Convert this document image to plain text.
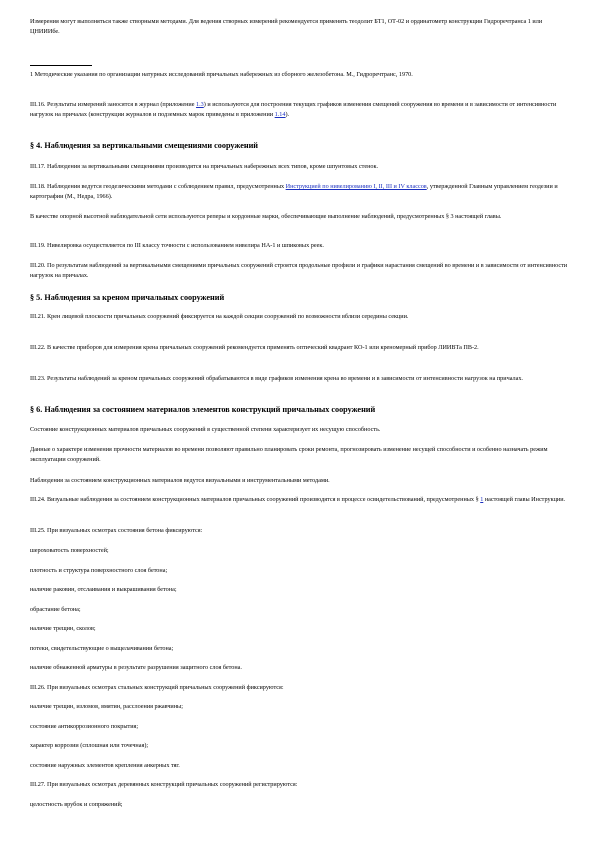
Измерения могут выполняться также створными методами. Для ведения створных измерений рекомендуется применять теодолит БТ1, ОТ-02 и ординатометр конструкции Гидроречтранса 1 или ЦНИИИбе.

1 Методические указания по организации натурных исследований причальных набережных из сборного железобетона. М., Гидроречтранс, 1970.

III.16. Результаты измерений заносятся в журнал (приложение 1.3) и используются для построения текущих графиков изменения смещений сооружения во времени и в зависимости от интенсивности нагрузок на причалах (конструкции журналов и подземных марок приведены в приложении 1.14).

§ 4. Наблюдения за вертикальными смещениями сооружений

III.17. Наблюдения за вертикальными смещениями производятся на причальных набережных всех типов, кроме шпунтовых стенок.

III.18. Наблюдения ведутся геодезическими методами с соблюдением правил, предусмотренных Инструкцией по нивелированию I, II, III и IV классов, утвержденной Главным управлением геодезии и картографии (М., Недра, 1966).

В качестве опорной высотной наблюдательной сети используются реперы и кордонные марки, обеспечивающие выполнение наблюдений, предусмотренных § 3 настоящей главы.

III.19. Нивелировка осуществляется по III классу точности с использованием нивелира НА-1 и шпиковых реек.

III.20. По результатам наблюдений за вертикальными смещениями причальных сооружений строятся продольные профили и графики нарастания смещений во времени и в зависимости от интенсивности нагрузок на причалах.

§ 5. Наблюдения за креном причальных сооружений

III.21. Крен лицевой плоскости причальных сооружений фиксируется на каждой секции сооружений по возможности вблизи середины секции.

III.22. В качестве приборов для измерения крена причальных сооружений рекомендуется применять оптический квадрант КО-1 или креномерный прибор ЛИИВТа ПВ-2.

III.23. Результаты наблюдений за креном причальных сооружений обрабатываются в виде графиков изменения крена во времени и в зависимости от интенсивности нагрузок на причалах.

§ 6. Наблюдения за состоянием материалов элементов конструкций причальных сооружений

Состояние конструкционных материалов причальных сооружений в существенной степени характеризует их несущую способность.

Данные о характере изменения прочности материалов во времени позволяют правильно планировать сроки ремонта, прогнозировать изменение несущей способности и особенно назначать режим эксплуатации сооружений.

Наблюдения за состоянием конструкционных материалов ведутся визуальными и инструментальными методами.

III.24. Визуальные наблюдения за состоянием конструкционных материалов причальных сооружений производятся в процессе освидетельствований, предусмотренных § 1 настоящей главы Инструкции.

III.25. При визуальных осмотрах состояния бетона фиксируются:

шероховатость поверхностей;

плотность и структура поверхностного слоя бетона;

наличие раковин, отслаивания и выкрашивания бетона;

обрастание бетона;

наличие трещин, сколов;

потеки, свидетельствующие о выщелачивании бетона;

наличие обнаженной арматуры в результате разрушения защитного слоя бетона.

III.26. При визуальных осмотрах стальных конструкций причальных сооружений фиксируются:

наличие трещин, изломов, вмятин, расслоения ржавчины;

состояние антикоррозионного покрытия;

характер коррозии (сплошная или точечная);

состояние наружных элементов крепления анкерных тяг.

III.27. При визуальных осмотрах деревянных конструкций причальных сооружений регистрируются:

целостность врубок и сопряжений;
